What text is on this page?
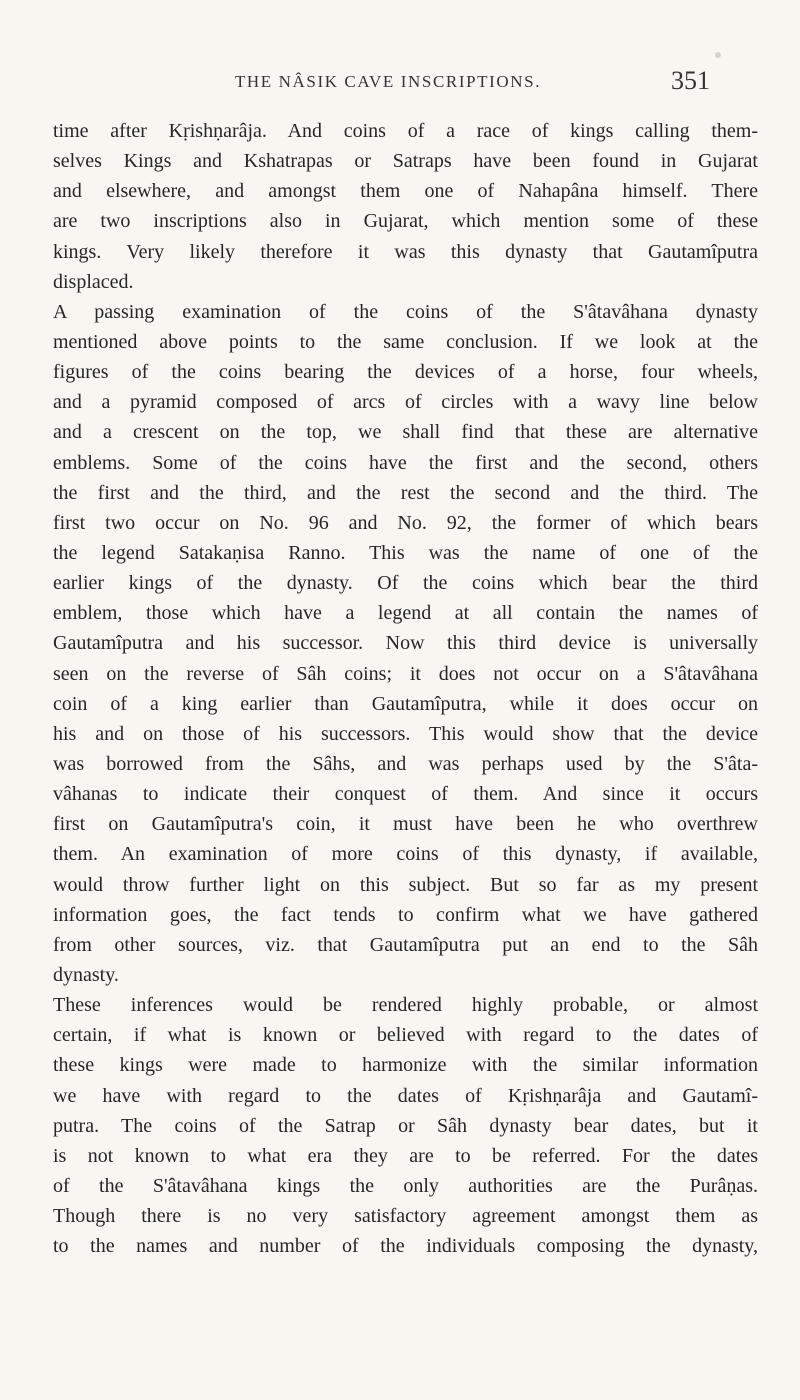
THE NÂSIK CAVE INSCRIPTIONS.	351
time after Kṛishṇarâja. And coins of a race of kings calling them-
selves Kings and Kshatrapas or Satraps have been found in Gujarat
and elsewhere, and amongst them one of Nahapâna himself. There
are two inscriptions also in Gujarat, which mention some of these
kings. Very likely therefore it was this dynasty that Gautamîputra
displaced.
A passing examination of the coins of the S'âtavâhana dynasty
mentioned above points to the same conclusion. If we look at the
figures of the coins bearing the devices of a horse, four wheels,
and a pyramid composed of arcs of circles with a wavy line below
and a crescent on the top, we shall find that these are alternative
emblems. Some of the coins have the first and the second, others
the first and the third, and the rest the second and the third. The
first two occur on No. 96 and No. 92, the former of which bears
the legend Satakaṇisa Ranno. This was the name of one of the
earlier kings of the dynasty. Of the coins which bear the third
emblem, those which have a legend at all contain the names of
Gautamîputra and his successor. Now this third device is universally
seen on the reverse of Sâh coins; it does not occur on a S'âtavâhana
coin of a king earlier than Gautamîputra, while it does occur on
his and on those of his successors. This would show that the device
was borrowed from the Sâhs, and was perhaps used by the S'âta-
vâhanas to indicate their conquest of them. And since it occurs
first on Gautamîputra's coin, it must have been he who overthrew
them. An examination of more coins of this dynasty, if available,
would throw further light on this subject. But so far as my present
information goes, the fact tends to confirm what we have gathered
from other sources, viz. that Gautamîputra put an end to the Sâh
dynasty.
These inferences would be rendered highly probable, or almost
certain, if what is known or believed with regard to the dates of
these kings were made to harmonize with the similar information
we have with regard to the dates of Kṛishṇarâja and Gautamî-
putra. The coins of the Satrap or Sâh dynasty bear dates, but it
is not known to what era they are to be referred. For the dates
of the S'âtavâhana kings the only authorities are the Purâṇas.
Though there is no very satisfactory agreement amongst them as
to the names and number of the individuals composing the dynasty,
